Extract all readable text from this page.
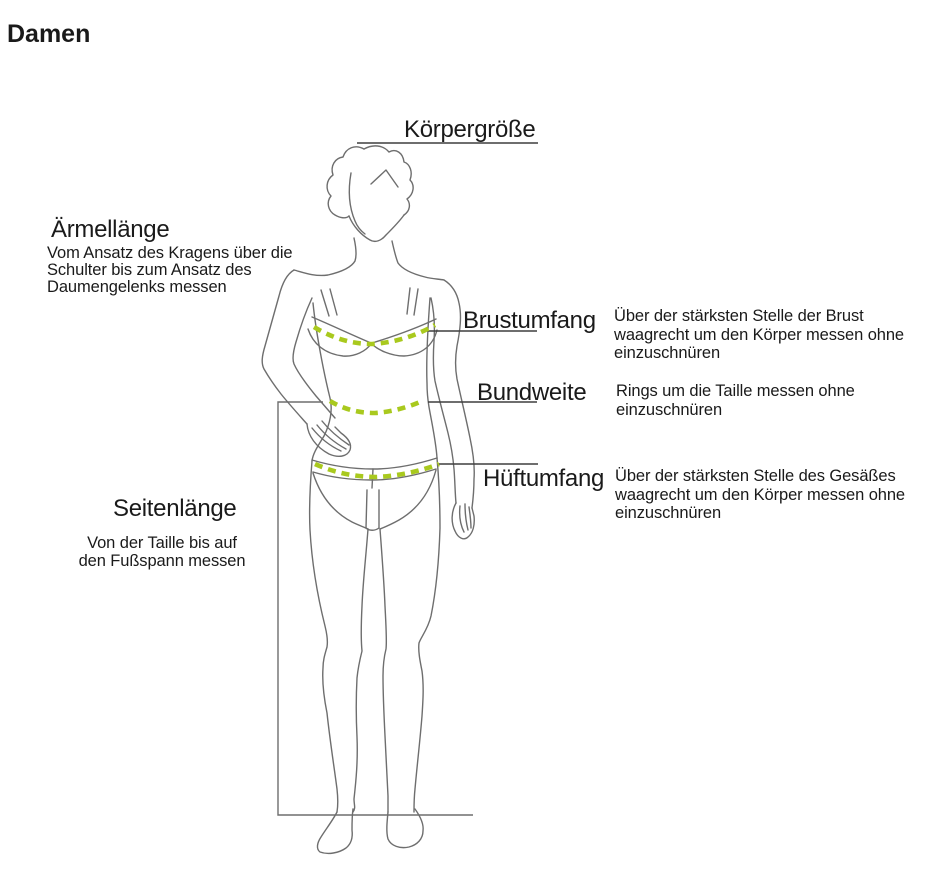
Damen
Körpergröße
Ärmellänge
Vom Ansatz des Kragens über die
Schulter bis zum Ansatz des
Daumengelenks messen
Brustumfang Über der stärksten Stelle der Brust
waagrecht um den Körper messen ohne
einzuschnüren
Bundweite Rings um die Taille messen ohne
einzuschnüren
Hüftumfang Über der stärksten Stelle des Gesäßes
waagrecht um den Körper messen ohne
einzuschnüren
Seitenlänge
Von der Taille bis auf
den Fußspann messen
